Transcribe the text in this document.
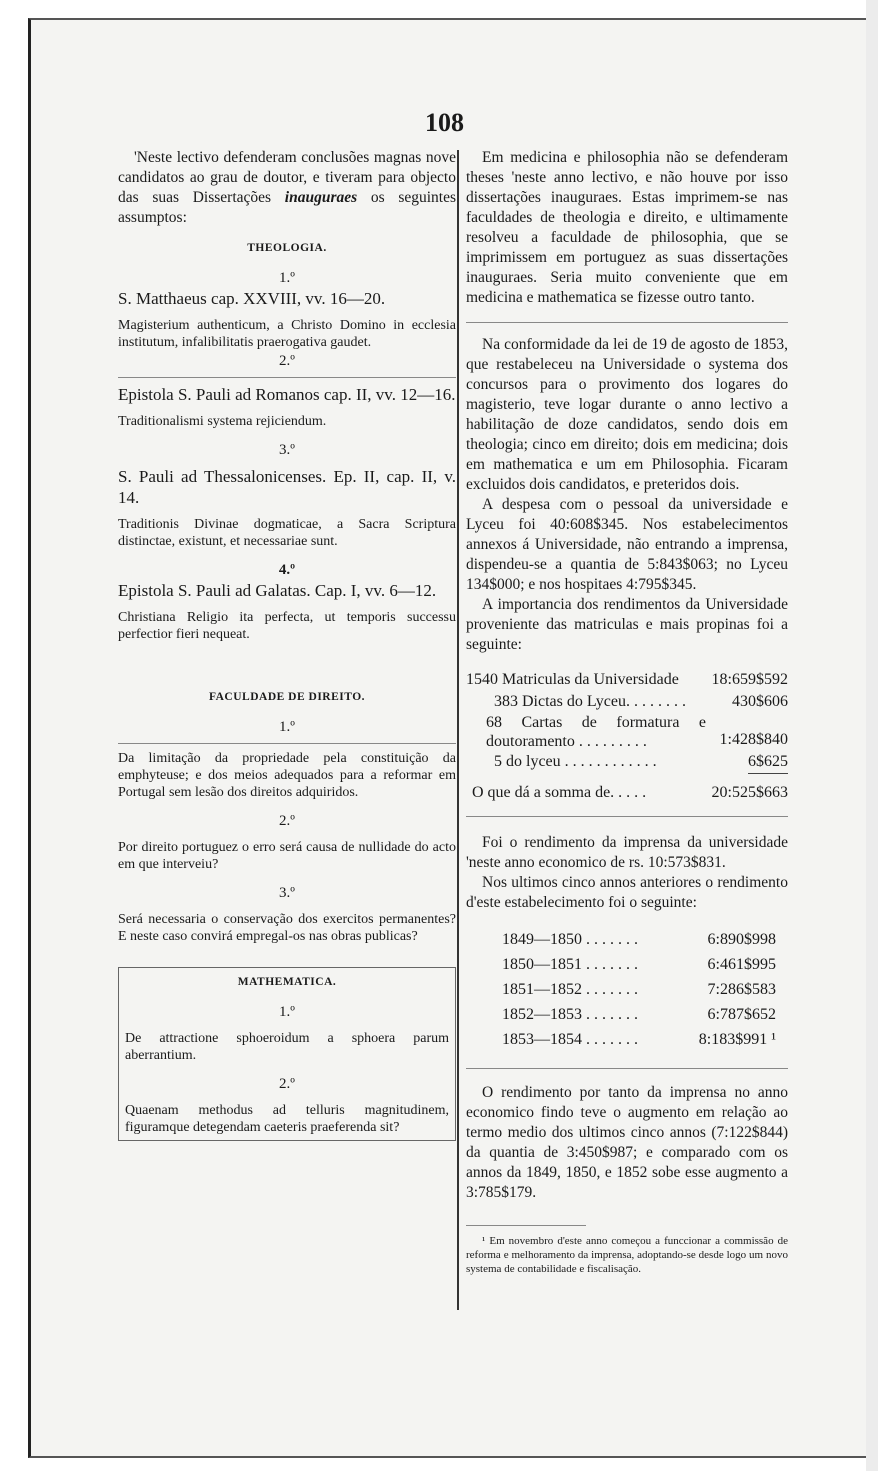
108

'Neste lectivo defenderam conclusões magnas nove candidatos ao grau de doutor, e tiveram para objecto das suas Dissertações inauguraes os seguintes assumptos:

THEOLOGIA.

1.º

S. Matthaeus cap. XXVIII, vv. 16—20.

Magisterium authenticum, a Christo Domino in ecclesia institutum, infalibilitatis praerogativa gaudet.

2.º

Epistola S. Pauli ad Romanos cap. II, vv. 12—16.

Traditionalismi systema rejiciendum.

3.º

S. Pauli ad Thessalonicenses. Ep. II, cap. II, v. 14.

Traditionis Divinae dogmaticae, a Sacra Scriptura distinctae, existunt, et necessariae sunt.

4.º

Epistola S. Pauli ad Galatas. Cap. I, vv. 6—12.

Christiana Religio ita perfecta, ut temporis successu perfectior fieri nequeat.

FACULDADE DE DIREITO.

1.º

Da limitação da propriedade pela constituição da emphyteuse; e dos meios adequados para a reformar em Portugal sem lesão dos direitos adquiridos.

2.º

Por direito portuguez o erro será causa de nullidade do acto em que interveiu?

3.º

Será necessaria o conservação dos exercitos permanentes? E neste caso convirá empregal-os nas obras publicas?

MATHEMATICA.

1.º

De attractione sphoeroidum a sphoera parum aberrantium.

2.º

Quaenam methodus ad telluris magnitudinem, figuramque detegendam caeteris praeferenda sit?

Em medicina e philosophia não se defenderam theses 'neste anno lectivo, e não houve por isso dissertações inauguraes. Estas imprimem-se nas faculdades de theologia e direito, e ultimamente resolveu a faculdade de philosophia, que se imprimissem em portuguez as suas dissertações inauguraes. Seria muito conveniente que em medicina e mathematica se fizesse outro tanto.

Na conformidade da lei de 19 de agosto de 1853, que restabeleceu na Universidade o systema dos concursos para o provimento dos logares do magisterio, teve logar durante o anno lectivo a habilitação de doze candidatos, sendo dois em theologia; cinco em direito; dois em medicina; dois em mathematica e um em Philosophia. Ficaram excluidos dois candidatos, e preteridos dois.

A despesa com o pessoal da universidade e Lyceu foi 40:608$345. Nos estabelecimentos annexos á Universidade, não entrando a imprensa, dispendeu-se a quantia de 5:843$063; no Lyceu 134$000; e nos hospitaes 4:795$345.

A importancia dos rendimentos da Universidade proveniente das matriculas e mais propinas foi a seguinte:

1540 Matriculas da Universidade 18:659$592
383 Dictas do Lyceu. . . . . . . .	430$606
68 Cartas de formatura e doutoramento . . . . . . . . .	1:428$840
5 do lyceu . . . . . . . . . . . .	6$625
O que dá a somma de. . . . .	20:525$663

Foi o rendimento da imprensa da universidade 'neste anno economico de rs. 10:573$831.

Nos ultimos cinco annos anteriores o rendimento d'este estabelecimento foi o seguinte:

1849—1850 . . . . . . .	6:890$998
1850—1851 . . . . . . .	6:461$995
1851—1852 . . . . . . .	7:286$583
1852—1853 . . . . . . .	6:787$652
1853—1854 . . . . . . .	8:183$991 ¹

O rendimento por tanto da imprensa no anno economico findo teve o augmento em relação ao termo medio dos ultimos cinco annos (7:122$844) da quantia de 3:450$987; e comparado com os annos da 1849, 1850, e 1852 sobe esse augmento a 3:785$179.

¹ Em novembro d'este anno começou a funccionar a commissão de reforma e melhoramento da imprensa, adoptando-se desde logo um novo systema de contabilidade e fiscalisação.
